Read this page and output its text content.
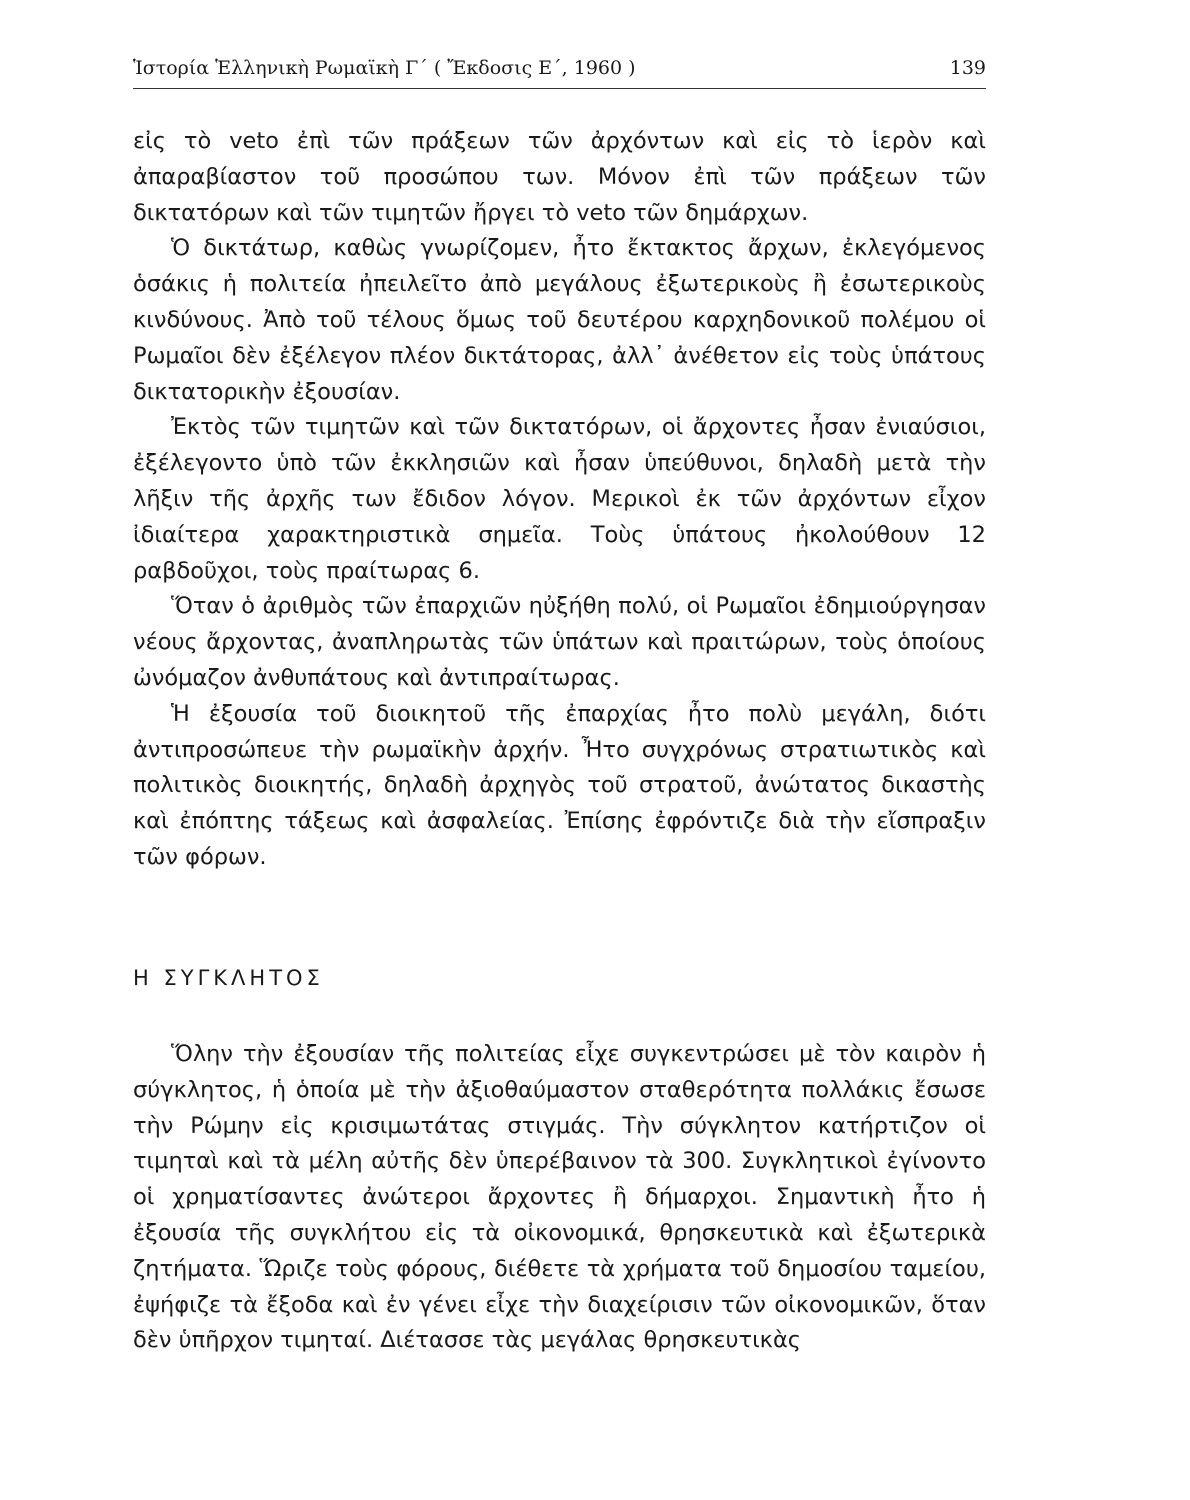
Ἱστορία Ἑλληνικὴ Ρωμαϊκὴ Γ΄ ( Ἔκδοσις Ε΄, 1960 )	139

εἰς τὸ veto ἐπὶ τῶν πράξεων τῶν ἀρχόντων καὶ εἰς τὸ ἱερὸν καὶ ἀπαραβίαστον τοῦ προσώπου των. Μόνον ἐπὶ τῶν πράξεων τῶν δικτατόρων καὶ τῶν τιμητῶν ἤργει τὸ veto τῶν δημάρχων.

Ὁ δικτάτωρ, καθὼς γνωρίζομεν, ἦτο ἔκτακτος ἄρχων, ἐκλεγόμενος ὁσάκις ἡ πολιτεία ἠπειλεῖτο ἀπὸ μεγάλους ἐξωτερικοὺς ἢ ἐσωτερικοὺς κινδύνους. Ἀπὸ τοῦ τέλους ὅμως τοῦ δευτέρου καρχηδονικοῦ πολέμου οἱ Ρωμαῖοι δὲν ἐξέλεγον πλέον δικτάτορας, ἀλλ᾽ ἀνέθετον εἰς τοὺς ὑπάτους δικτατορικὴν ἐξουσίαν.

Ἐκτὸς τῶν τιμητῶν καὶ τῶν δικτατόρων, οἱ ἄρχοντες ἦσαν ἐνιαύσιοι, ἐξέλεγοντο ὑπὸ τῶν ἐκκλησιῶν καὶ ἦσαν ὑπεύθυνοι, δηλαδὴ μετὰ τὴν λῆξιν τῆς ἀρχῆς των ἔδιδον λόγον. Μερικοὶ ἐκ τῶν ἀρχόντων εἶχον ἰδιαίτερα χαρακτηριστικὰ σημεῖα. Τοὺς ὑπάτους ἠκολούθουν 12 ραβδοῦχοι, τοὺς πραίτωρας 6.

Ὅταν ὁ ἀριθμὸς τῶν ἐπαρχιῶν ηὐξήθη πολύ, οἱ Ρωμαῖοι ἐδημιούργησαν νέους ἄρχοντας, ἀναπληρωτὰς τῶν ὑπάτων καὶ πραιτώρων, τοὺς ὁποίους ὠνόμαζον ἀνθυπάτους καὶ ἀντιπραίτωρας.

Ἡ ἐξουσία τοῦ διοικητοῦ τῆς ἐπαρχίας ἦτο πολὺ μεγάλη, διότι ἀντιπροσώπευε τὴν ρωμαϊκὴν ἀρχήν. Ἦτο συγχρόνως στρατιωτικὸς καὶ πολιτικὸς διοικητής, δηλαδὴ ἀρχηγὸς τοῦ στρατοῦ, ἀνώτατος δικαστὴς καὶ ἐπόπτης τάξεως καὶ ἀσφαλείας. Ἐπίσης ἐφρόντιζε διὰ τὴν εἴσπραξιν τῶν φόρων.

Η ΣΥΓΚΛΗΤΟΣ

Ὅλην τὴν ἐξουσίαν τῆς πολιτείας εἶχε συγκεντρώσει μὲ τὸν καιρὸν ἡ σύγκλητος, ἡ ὁποία μὲ τὴν ἀξιοθαύμαστον σταθερότητα πολλάκις ἔσωσε τὴν Ρώμην εἰς κρισιμωτάτας στιγμάς. Τὴν σύγκλητον κατήρτιζον οἱ τιμηταὶ καὶ τὰ μέλη αὐτῆς δὲν ὑπερέβαινον τὰ 300. Συγκλητικοὶ ἐγίνοντο οἱ χρηματίσαντες ἀνώτεροι ἄρχοντες ἢ δήμαρχοι. Σημαντικὴ ἦτο ἡ ἐξουσία τῆς συγκλήτου εἰς τὰ οἰκονομικά, θρησκευτικὰ καὶ ἐξωτερικὰ ζητήματα. Ὥριζε τοὺς φόρους, διέθετε τὰ χρήματα τοῦ δημοσίου ταμείου, ἐψήφιζε τὰ ἔξοδα καὶ ἐν γένει εἶχε τὴν διαχείρισιν τῶν οἰκονομικῶν, ὅταν δὲν ὑπῆρχον τιμηταί. Διέτασσε τὰς μεγάλας θρησκευτικὰς
